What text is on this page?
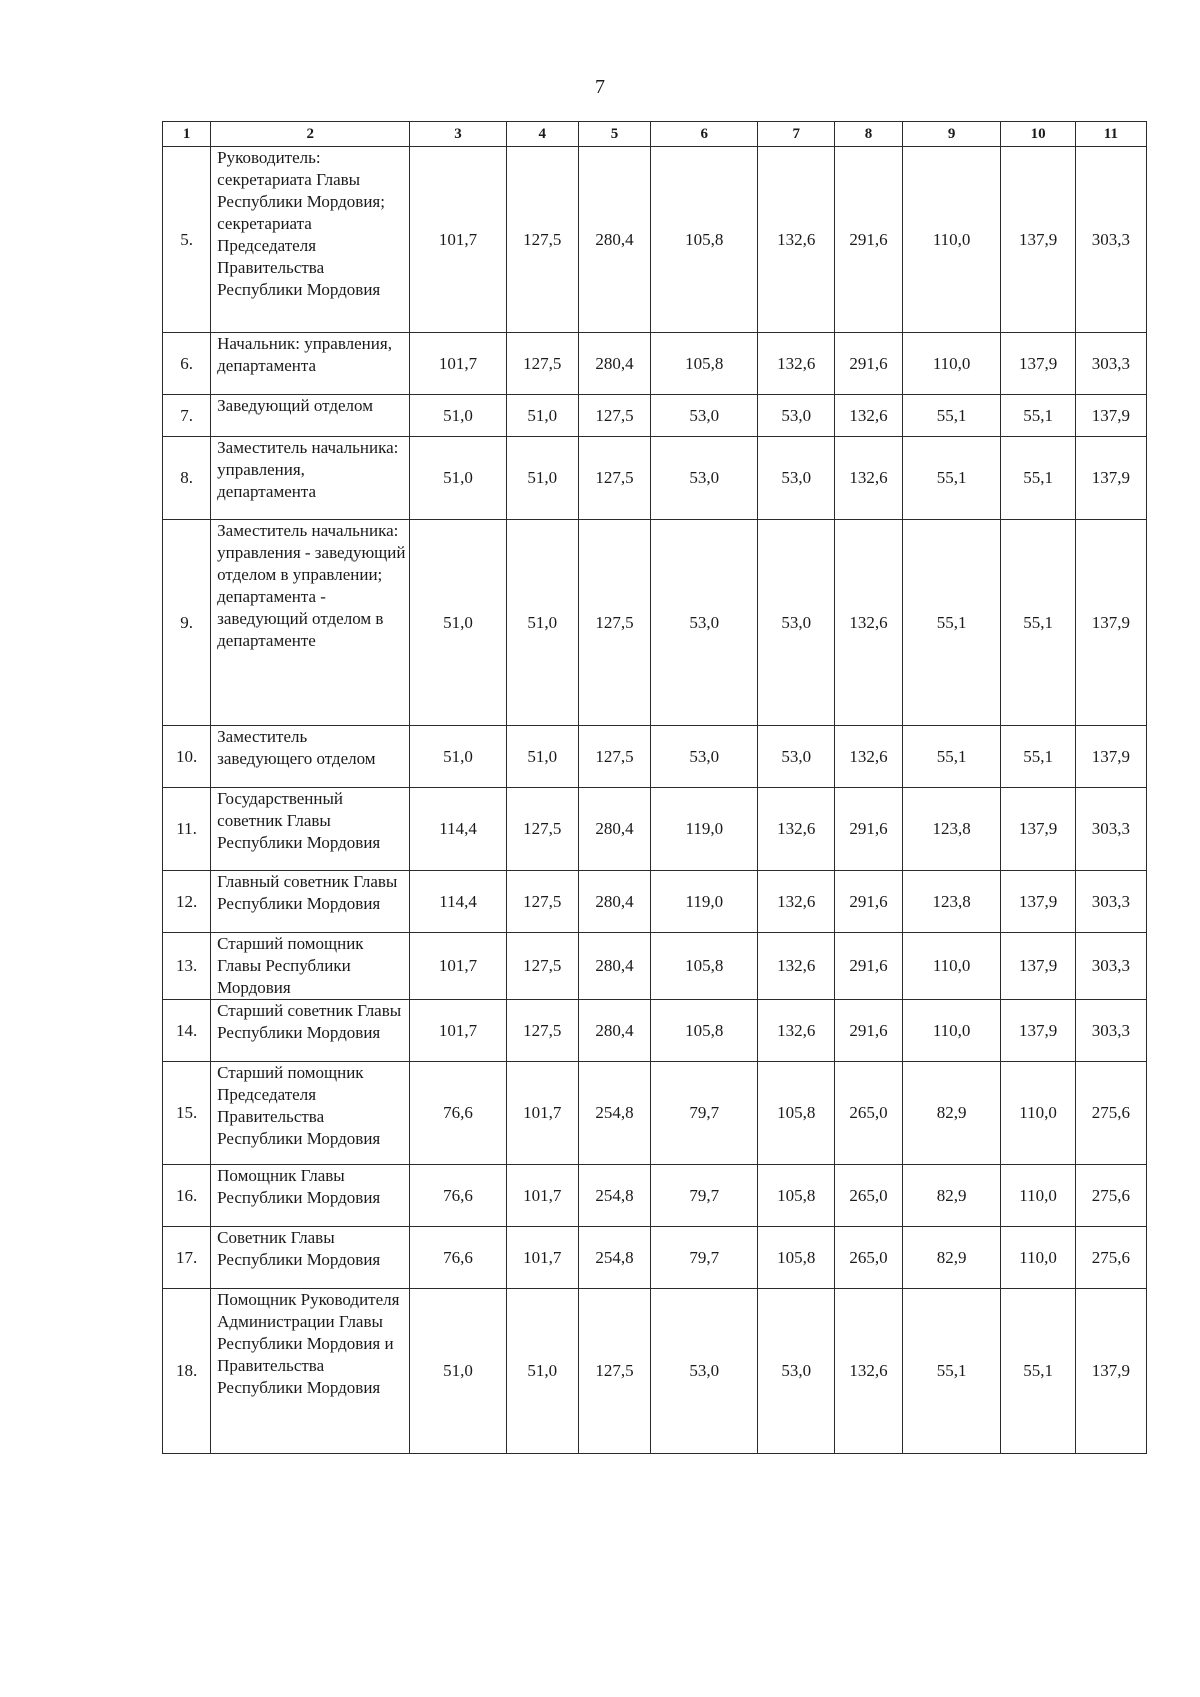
7
1	2	3	4	5	6	7	8	9	10	11
5.	Руководитель: секретариата Главы Республики Мордовия; секретариата Председателя Правительства Республики Мордовия	101,7	127,5	280,4	105,8	132,6	291,6	110,0	137,9	303,3
6.	Начальник: управления, департамента	101,7	127,5	280,4	105,8	132,6	291,6	110,0	137,9	303,3
7.	Заведующий отделом	51,0	51,0	127,5	53,0	53,0	132,6	55,1	55,1	137,9
8.	Заместитель начальника: управления, департамента	51,0	51,0	127,5	53,0	53,0	132,6	55,1	55,1	137,9
9.	Заместитель начальника: управления - заведующий отделом в управлении; департамента - заведующий отделом в департаменте	51,0	51,0	127,5	53,0	53,0	132,6	55,1	55,1	137,9
10.	Заместитель заведующего отделом	51,0	51,0	127,5	53,0	53,0	132,6	55,1	55,1	137,9
11.	Государственный советник Главы Республики Мордовия	114,4	127,5	280,4	119,0	132,6	291,6	123,8	137,9	303,3
12.	Главный советник Главы Республики Мордовия	114,4	127,5	280,4	119,0	132,6	291,6	123,8	137,9	303,3
13.	Старший помощник Главы Республики Мордовия	101,7	127,5	280,4	105,8	132,6	291,6	110,0	137,9	303,3
14.	Старший советник Главы Республики Мордовия	101,7	127,5	280,4	105,8	132,6	291,6	110,0	137,9	303,3
15.	Старший помощник Председателя Правительства Республики Мордовия	76,6	101,7	254,8	79,7	105,8	265,0	82,9	110,0	275,6
16.	Помощник Главы Республики Мордовия	76,6	101,7	254,8	79,7	105,8	265,0	82,9	110,0	275,6
17.	Советник Главы Республики Мордовия	76,6	101,7	254,8	79,7	105,8	265,0	82,9	110,0	275,6
18.	Помощник Руководителя Администрации Главы Республики Мордовия и Правительства Республики Мордовия	51,0	51,0	127,5	53,0	53,0	132,6	55,1	55,1	137,9
